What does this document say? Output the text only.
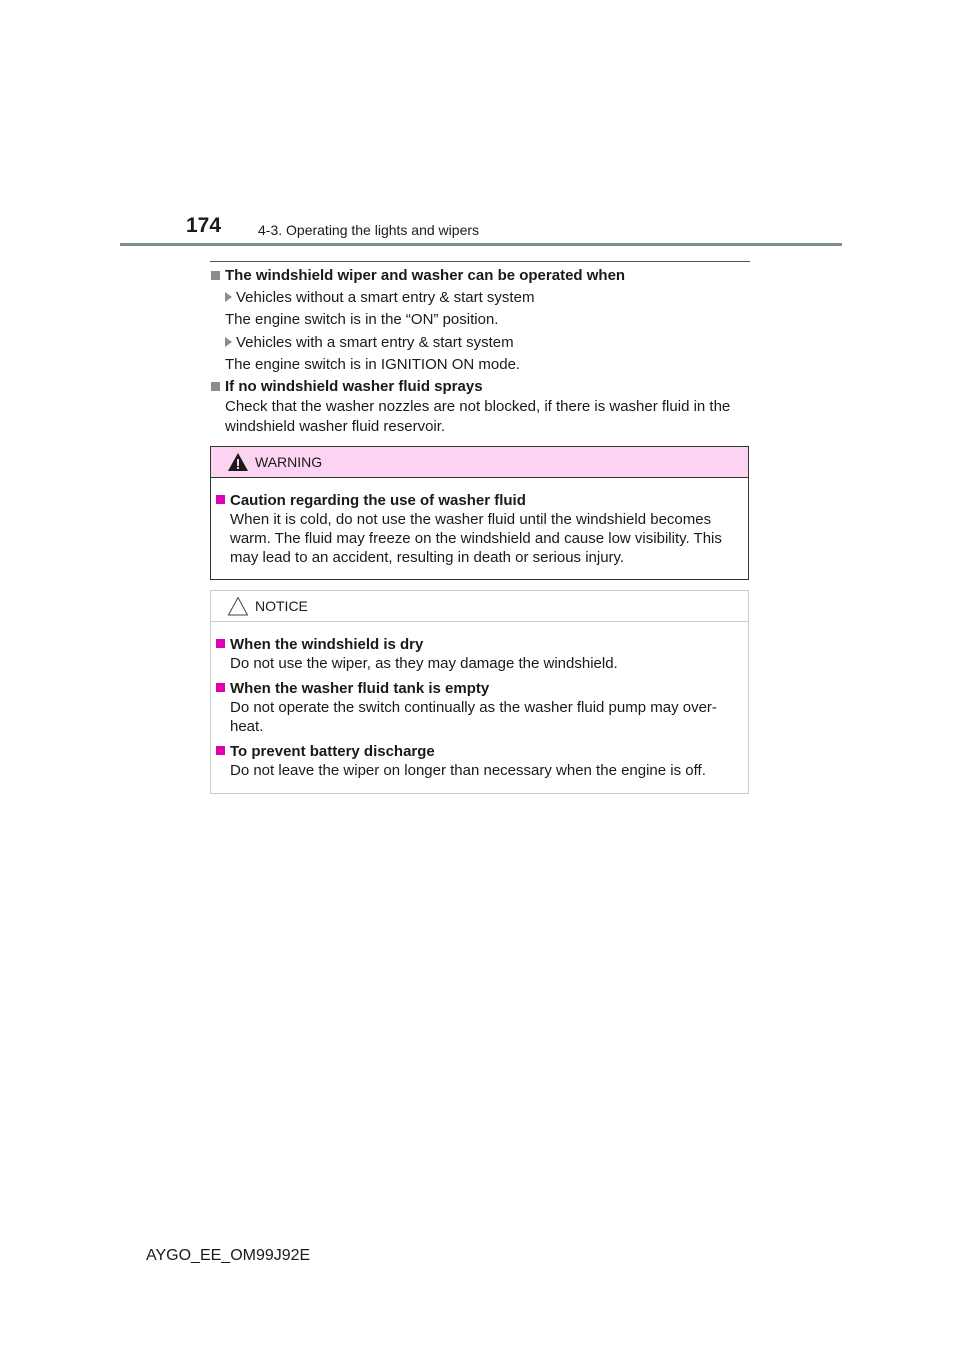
174	4-3. Operating the lights and wipers
The windshield wiper and washer can be operated when
Vehicles without a smart entry & start system
The engine switch is in the “ON” position.
Vehicles with a smart entry & start system
The engine switch is in IGNITION ON mode.
If no windshield washer fluid sprays
Check that the washer nozzles are not blocked, if there is washer fluid in the
windshield washer fluid reservoir.
WARNING
Caution regarding the use of washer fluid
When it is cold, do not use the washer fluid until the windshield becomes
warm. The fluid may freeze on the windshield and cause low visibility. This
may lead to an accident, resulting in death or serious injury.
NOTICE
When the windshield is dry
Do not use the wiper, as they may damage the windshield.
When the washer fluid tank is empty
Do not operate the switch continually as the washer fluid pump may over-
heat.
To prevent battery discharge
Do not leave the wiper on longer than necessary when the engine is off.
AYGO_EE_OM99J92E
